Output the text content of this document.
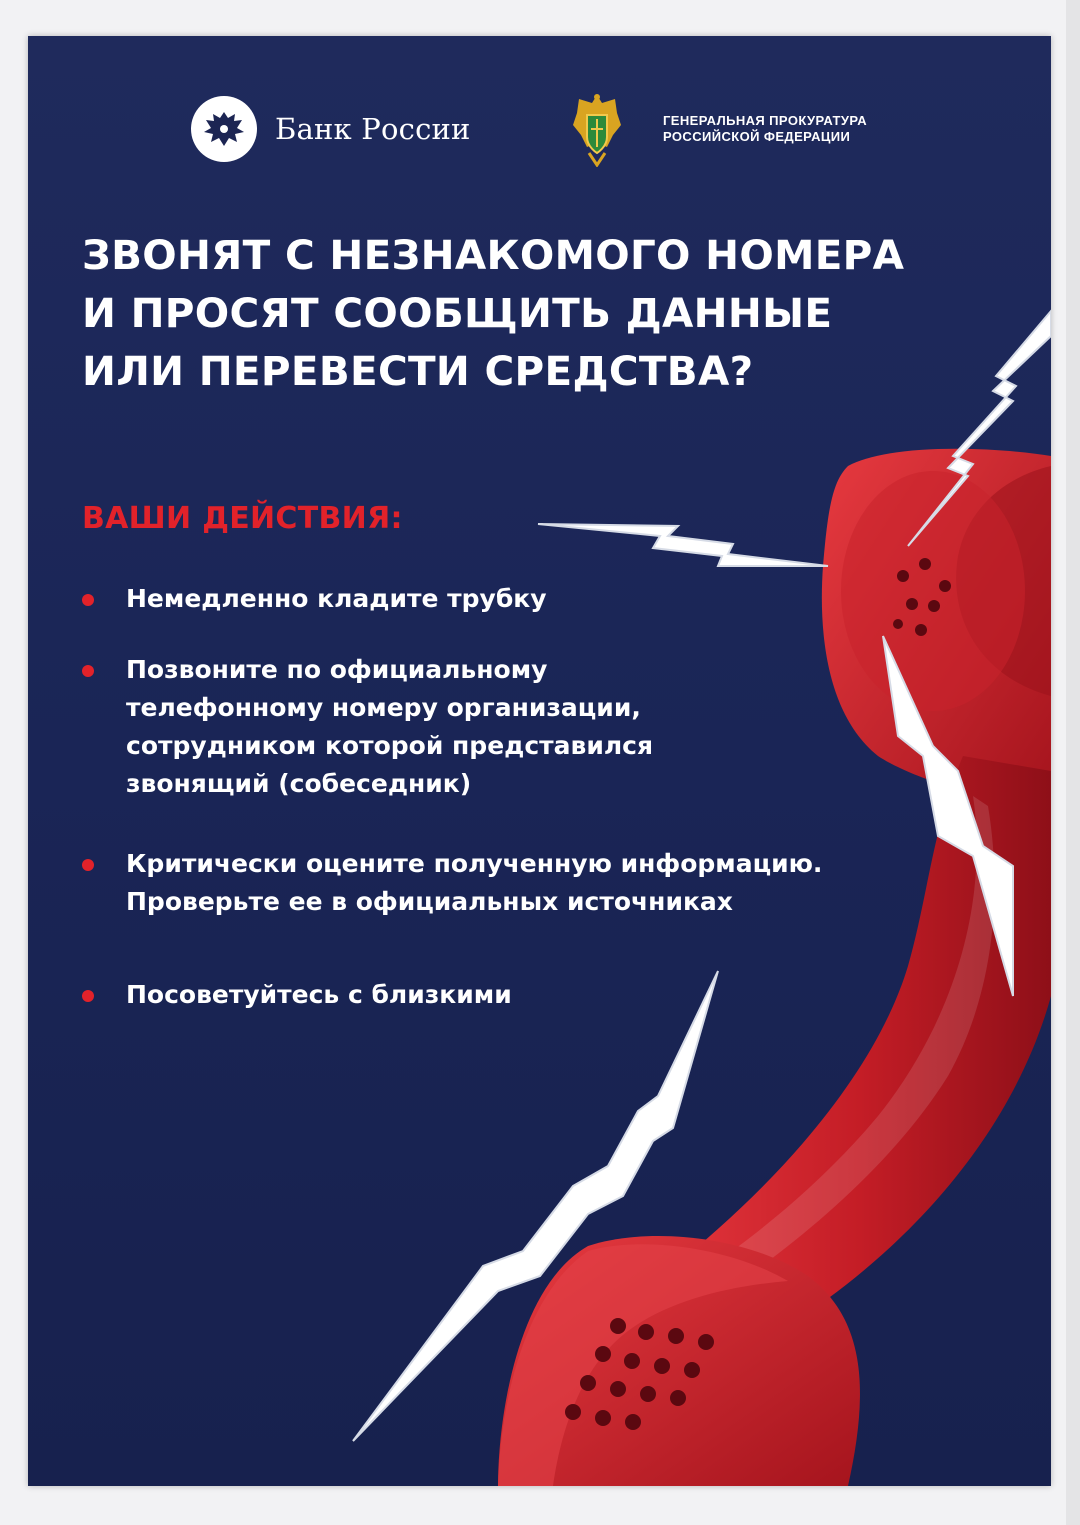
Банк России	ГЕНЕРАЛЬНАЯ ПРОКУРАТУРА
РОССИЙСКОЙ ФЕДЕРАЦИИ
ЗВОНЯТ С НЕЗНАКОМОГО НОМЕРА
И ПРОСЯТ СООБЩИТЬ ДАННЫЕ
ИЛИ ПЕРЕВЕСТИ СРЕДСТВА?
ВАШИ ДЕЙСТВИЯ:
Немедленно кладите трубку
Позвоните по официальному
телефонному номеру организации,
сотрудником которой представился
звонящий (собеседник)
Критически оцените полученную информацию.
Проверьте ее в официальных источниках
Посоветуйтесь с близкими
